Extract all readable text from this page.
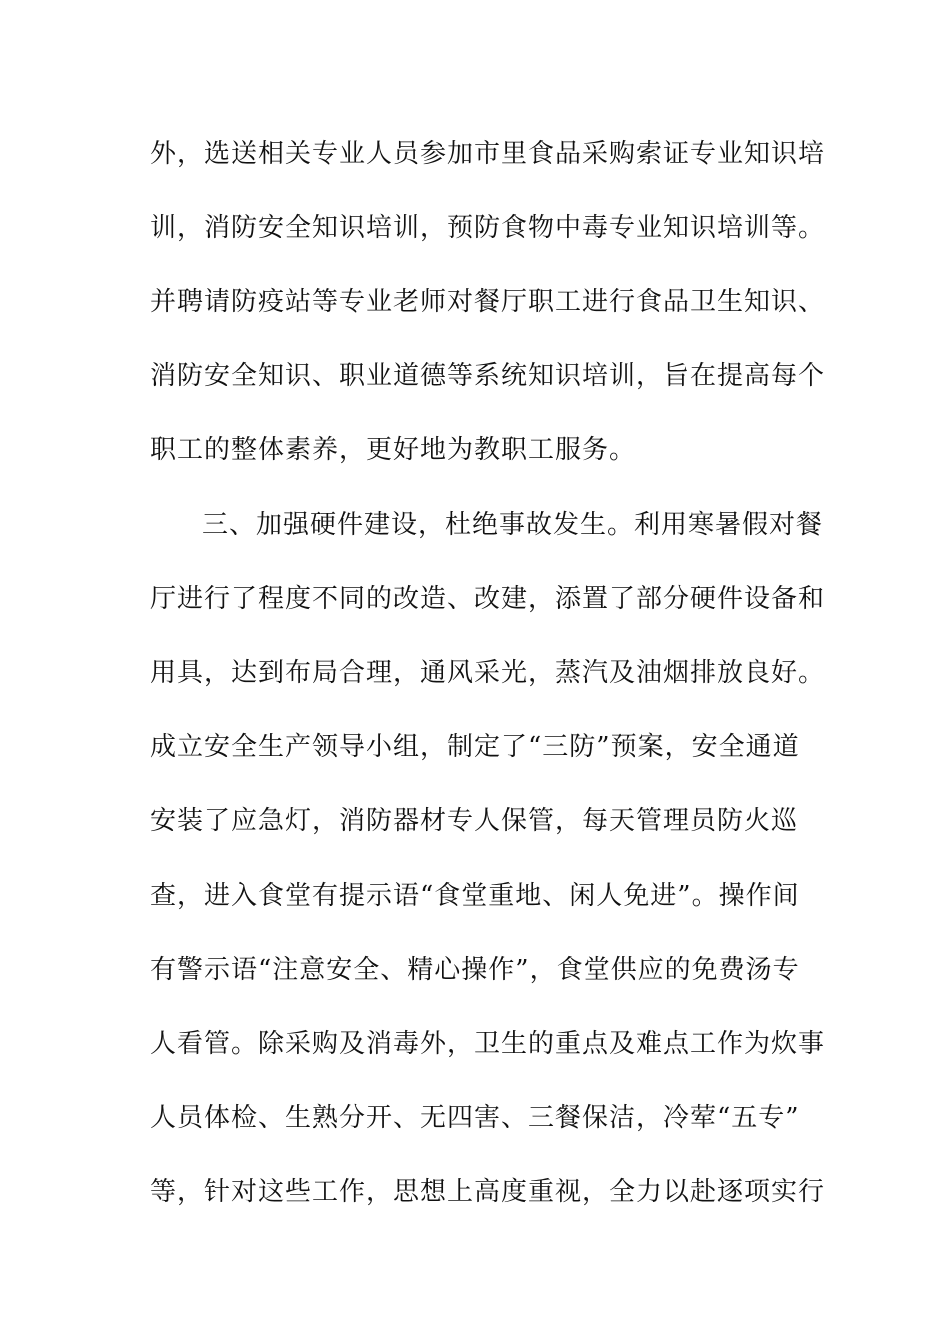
外，选送相关专业人员参加市里食品采购索证专业知识培
训，消防安全知识培训，预防食物中毒专业知识培训等。
并聘请防疫站等专业老师对餐厅职工进行食品卫生知识、
消防安全知识、职业道德等系统知识培训，旨在提高每个
职工的整体素养，更好地为教职工服务。
三、加强硬件建设，杜绝事故发生。利用寒暑假对餐
厅进行了程度不同的改造、改建，添置了部分硬件设备和
用具，达到布局合理，通风采光，蒸汽及油烟排放良好。
成立安全生产领导小组，制定了“三防”预案，安全通道
安装了应急灯，消防器材专人保管，每天管理员防火巡
查，进入食堂有提示语“食堂重地、闲人免进”。操作间
有警示语“注意安全、精心操作”，食堂供应的免费汤专
人看管。除采购及消毒外，卫生的重点及难点工作为炊事
人员体检、生熟分开、无四害、三餐保洁，冷荤“五专”
等，针对这些工作，思想上高度重视，全力以赴逐项实行
